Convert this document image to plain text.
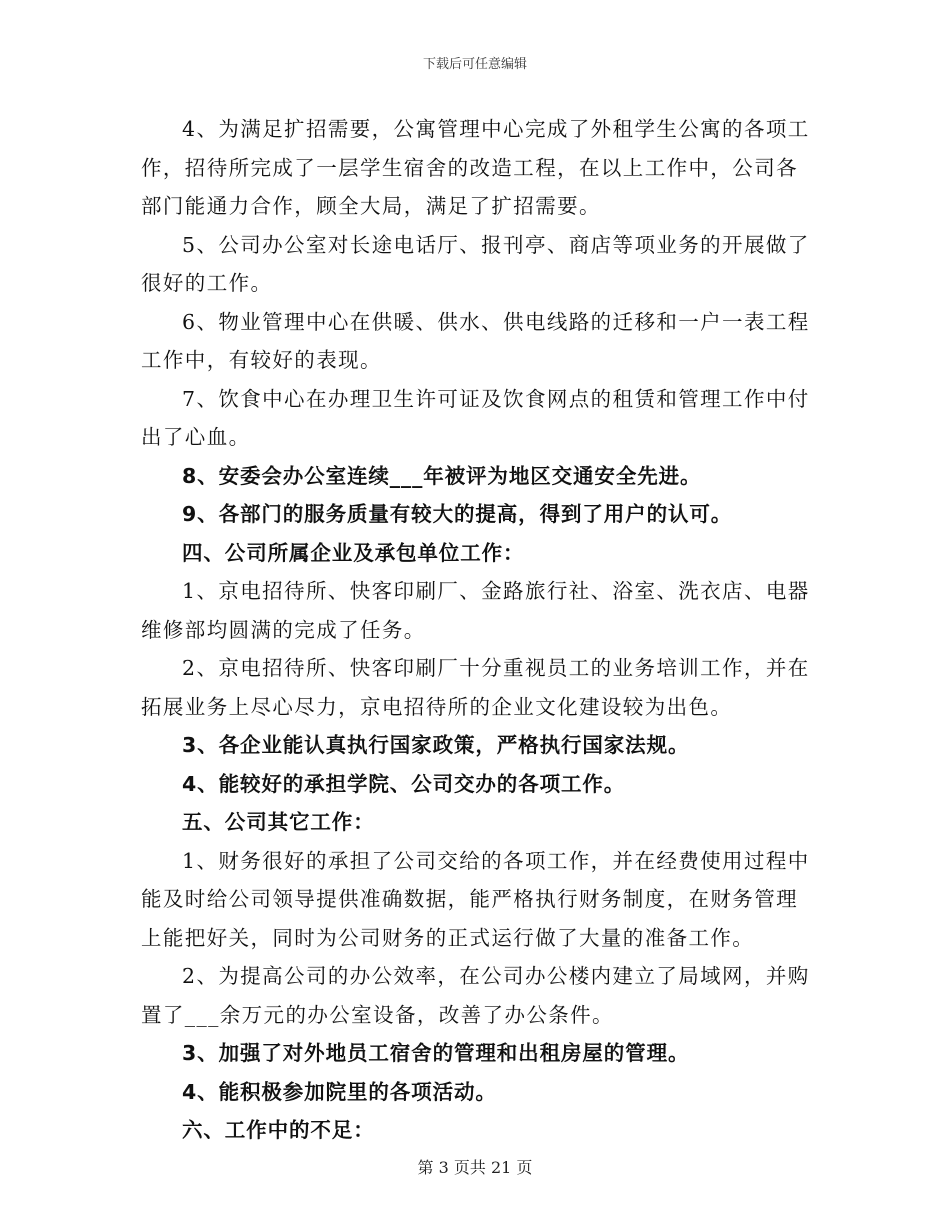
下载后可任意编辑
4、为满足扩招需要，公寓管理中心完成了外租学生公寓的各项工
作，招待所完成了一层学生宿舍的改造工程，在以上工作中，公司各
部门能通力合作，顾全大局，满足了扩招需要。
5、公司办公室对长途电话厅、报刊亭、商店等项业务的开展做了
很好的工作。
6、物业管理中心在供暖、供水、供电线路的迁移和一户一表工程
工作中，有较好的表现。
7、饮食中心在办理卫生许可证及饮食网点的租赁和管理工作中付
出了心血。
8、安委会办公室连续___年被评为地区交通安全先进。
9、各部门的服务质量有较大的提高，得到了用户的认可。
四、公司所属企业及承包单位工作：
1、京电招待所、快客印刷厂、金路旅行社、浴室、洗衣店、电器
维修部均圆满的完成了任务。
2、京电招待所、快客印刷厂十分重视员工的业务培训工作，并在
拓展业务上尽心尽力，京电招待所的企业文化建设较为出色。
3、各企业能认真执行国家政策，严格执行国家法规。
4、能较好的承担学院、公司交办的各项工作。
五、公司其它工作：
1、财务很好的承担了公司交给的各项工作，并在经费使用过程中
能及时给公司领导提供准确数据，能严格执行财务制度，在财务管理
上能把好关，同时为公司财务的正式运行做了大量的准备工作。
2、为提高公司的办公效率，在公司办公楼内建立了局域网，并购
置了___余万元的办公室设备，改善了办公条件。
3、加强了对外地员工宿舍的管理和出租房屋的管理。
4、能积极参加院里的各项活动。
六、工作中的不足：
第 3 页共 21 页
